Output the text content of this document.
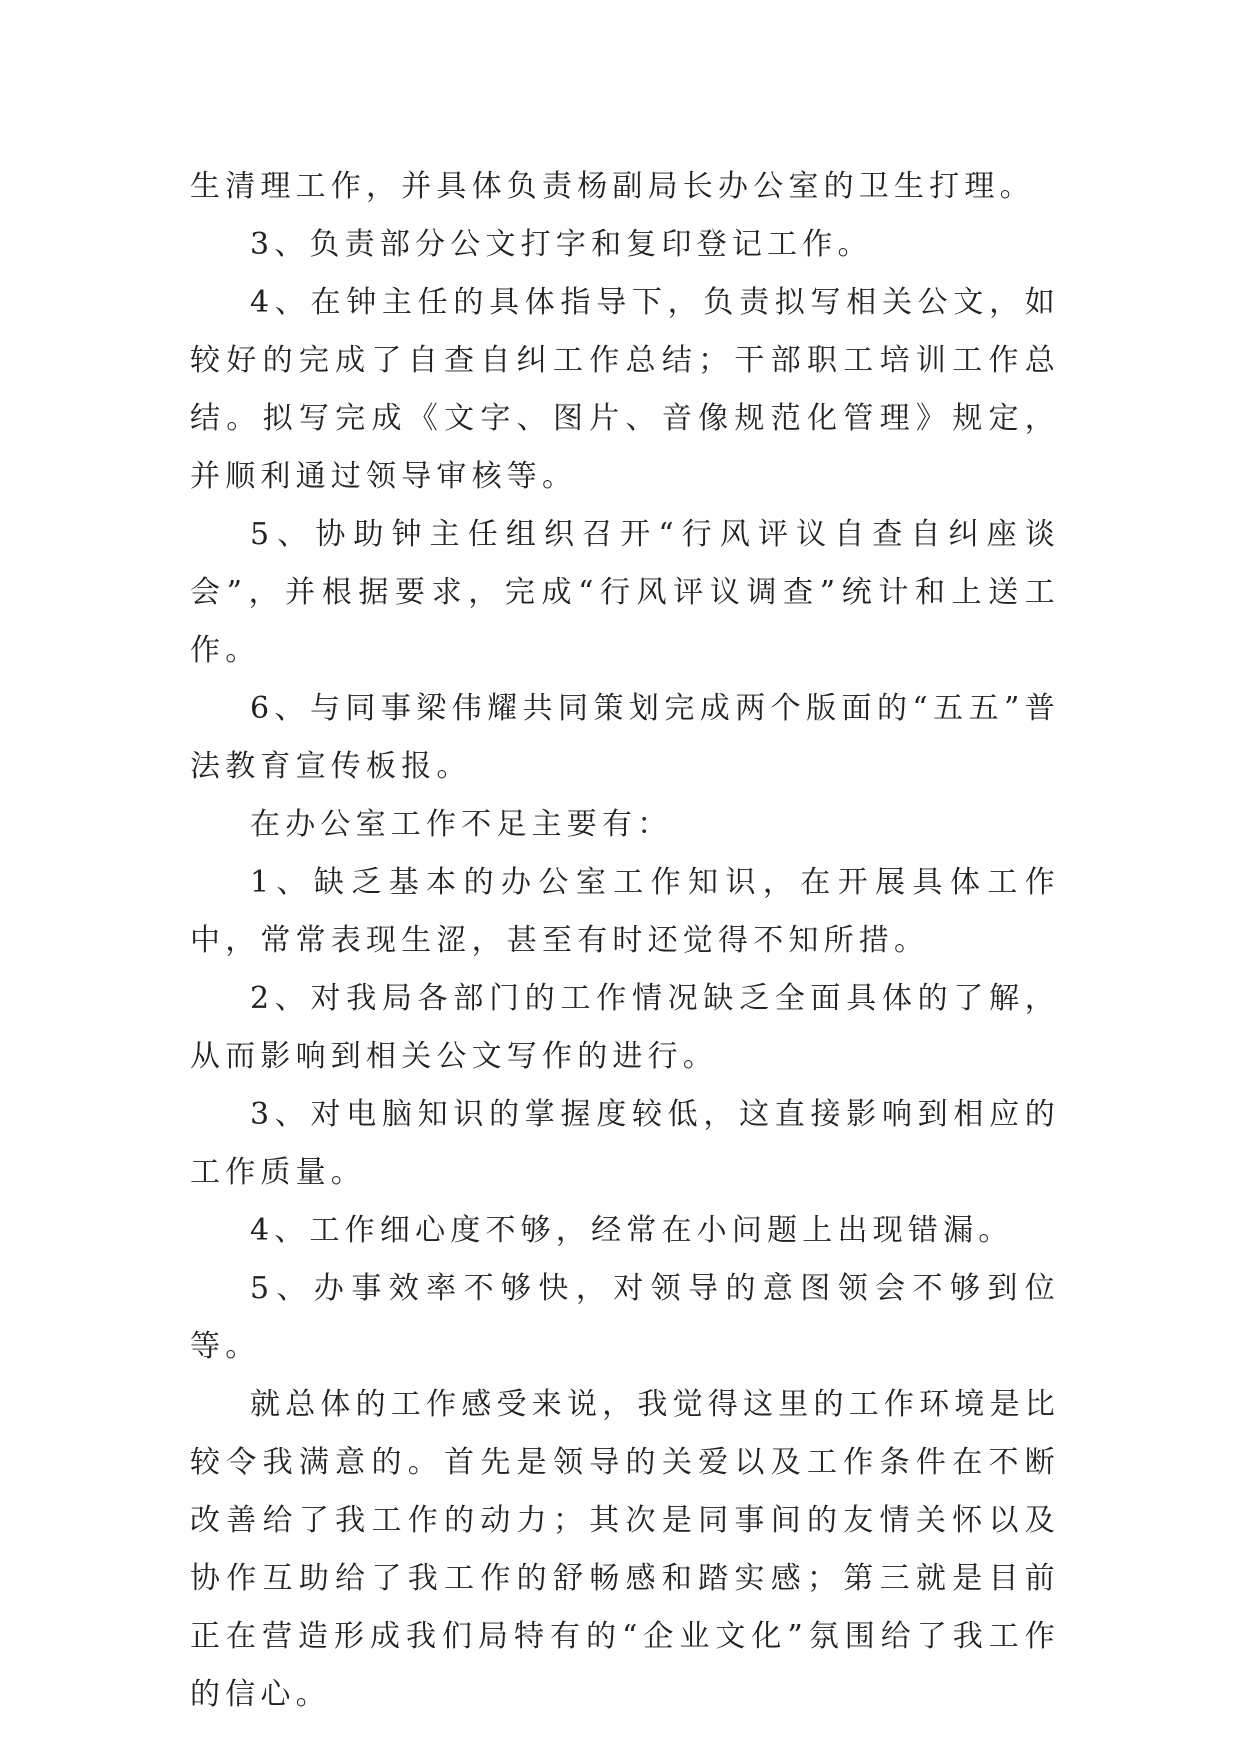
生清理工作，并具体负责杨副局长办公室的卫生打理。

3、负责部分公文打字和复印登记工作。

4、在钟主任的具体指导下，负责拟写相关公文，如较好的完成了自查自纠工作总结；干部职工培训工作总结。拟写完成《文字、图片、音像规范化管理》规定，并顺利通过领导审核等。

5、协助钟主任组织召开“行风评议自查自纠座谈会”，并根据要求，完成“行风评议调查”统计和上送工作。

6、与同事梁伟耀共同策划完成两个版面的“五五”普法教育宣传板报。

在办公室工作不足主要有：

1、缺乏基本的办公室工作知识，在开展具体工作中，常常表现生涩，甚至有时还觉得不知所措。

2、对我局各部门的工作情况缺乏全面具体的了解，从而影响到相关公文写作的进行。

3、对电脑知识的掌握度较低，这直接影响到相应的工作质量。

4、工作细心度不够，经常在小问题上出现错漏。

5、办事效率不够快，对领导的意图领会不够到位等。

就总体的工作感受来说，我觉得这里的工作环境是比较令我满意的。首先是领导的关爱以及工作条件在不断改善给了我工作的动力；其次是同事间的友情关怀以及协作互助给了我工作的舒畅感和踏实感；第三就是目前正在营造形成我们局特有的“企业文化”氛围给了我工作的信心。
